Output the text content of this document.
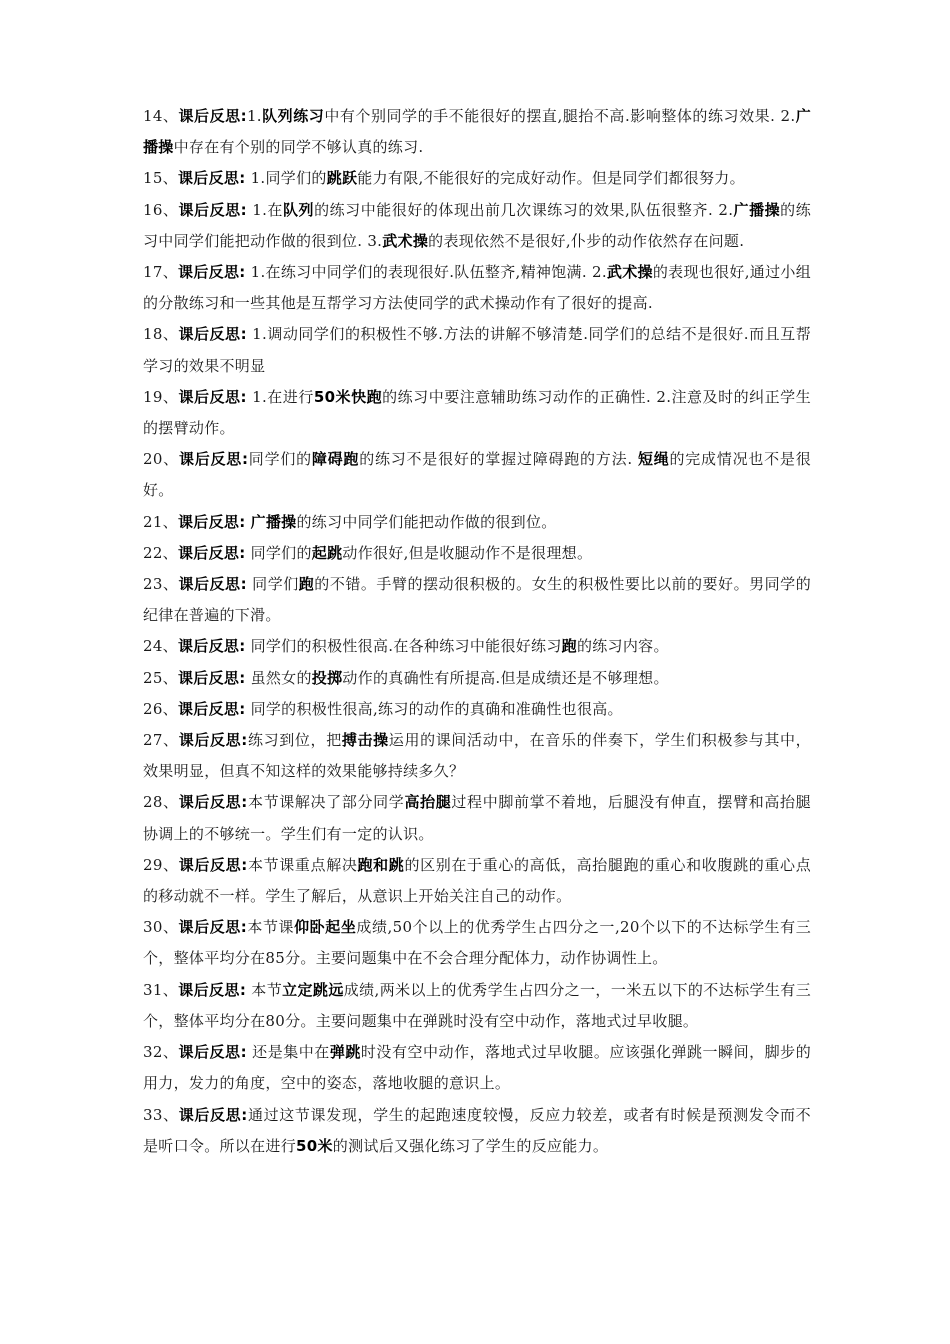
14、课后反思:1.队列练习中有个别同学的手不能很好的摆直,腿抬不高.影响整体的练习效果. 2.广播操中存在有个别的同学不够认真的练习.

15、课后反思: 1.同学们的跳跃能力有限,不能很好的完成好动作。但是同学们都很努力。

16、课后反思: 1.在队列的练习中能很好的体现出前几次课练习的效果,队伍很整齐. 2.广播操的练习中同学们能把动作做的很到位. 3.武术操的表现依然不是很好,仆步的动作依然存在问题.

17、课后反思: 1.在练习中同学们的表现很好.队伍整齐,精神饱满. 2.武术操的表现也很好,通过小组的分散练习和一些其他是互帮学习方法使同学的武术操动作有了很好的提高.

18、课后反思: 1.调动同学们的积极性不够.方法的讲解不够清楚.同学们的总结不是很好.而且互帮学习的效果不明显

19、课后反思: 1.在进行50米快跑的练习中要注意辅助练习动作的正确性. 2.注意及时的纠正学生的摆臂动作。

20、课后反思:同学们的障碍跑的练习不是很好的掌握过障碍跑的方法. 短绳的完成情况也不是很好。

21、课后反思: 广播操的练习中同学们能把动作做的很到位。

22、课后反思: 同学们的起跳动作很好,但是收腿动作不是很理想。

23、课后反思: 同学们跑的不错。手臂的摆动很积极的。女生的积极性要比以前的要好。男同学的纪律在普遍的下滑。

24、课后反思: 同学们的积极性很高.在各种练习中能很好练习跑的练习内容。

25、课后反思: 虽然女的投掷动作的真确性有所提高.但是成绩还是不够理想。

26、课后反思: 同学的积极性很高,练习的动作的真确和准确性也很高。

27、课后反思:练习到位，把搏击操运用的课间活动中，在音乐的伴奏下，学生们积极参与其中，效果明显，但真不知这样的效果能够持续多久？

28、课后反思:本节课解决了部分同学高抬腿过程中脚前掌不着地，后腿没有伸直，摆臂和高抬腿协调上的不够统一。学生们有一定的认识。

29、课后反思:本节课重点解决跑和跳的区别在于重心的高低，高抬腿跑的重心和收腹跳的重心点的移动就不一样。学生了解后，从意识上开始关注自己的动作。

30、课后反思:本节课仰卧起坐成绩,50个以上的优秀学生占四分之一,20个以下的不达标学生有三个，整体平均分在85分。主要问题集中在不会合理分配体力，动作协调性上。

31、课后反思: 本节立定跳远成绩,两米以上的优秀学生占四分之一，一米五以下的不达标学生有三个，整体平均分在80分。主要问题集中在弹跳时没有空中动作，落地式过早收腿。

32、课后反思: 还是集中在弹跳时没有空中动作，落地式过早收腿。应该强化弹跳一瞬间，脚步的用力，发力的角度，空中的姿态，落地收腿的意识上。

33、课后反思:通过这节课发现，学生的起跑速度较慢，反应力较差，或者有时候是预测发令而不是听口令。所以在进行50米的测试后又强化练习了学生的反应能力。
